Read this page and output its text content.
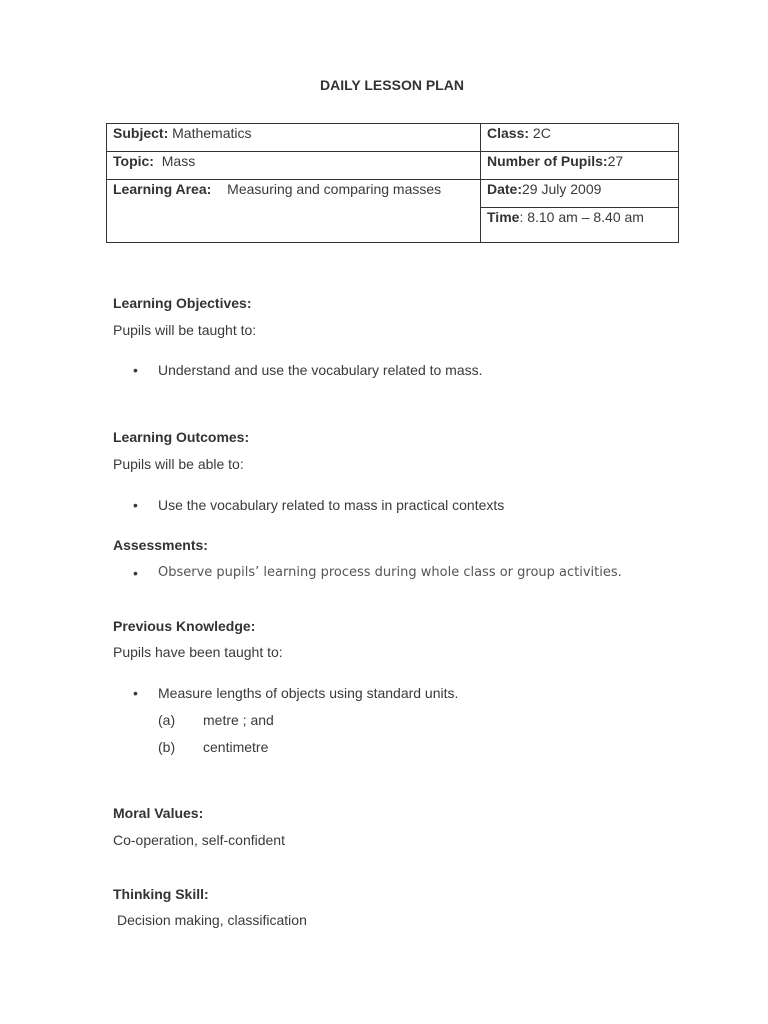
DAILY LESSON PLAN
Subject: Mathematics	Class: 2C
Topic: Mass	Number of Pupils:27
Learning Area: Measuring and comparing masses	Date:29 July 2009
	Time: 8.10 am – 8.40 am
Learning Objectives:
Pupils will be taught to:
• Understand and use the vocabulary related to mass.
Learning Outcomes:
Pupils will be able to:
• Use the vocabulary related to mass in practical contexts
Assessments:
• Observe pupils’ learning process during whole class or group activities.
Previous Knowledge:
Pupils have been taught to:
• Measure lengths of objects using standard units.
(a) metre ; and
(b) centimetre
Moral Values:
Co-operation, self-confident
Thinking Skill:
Decision making, classification
